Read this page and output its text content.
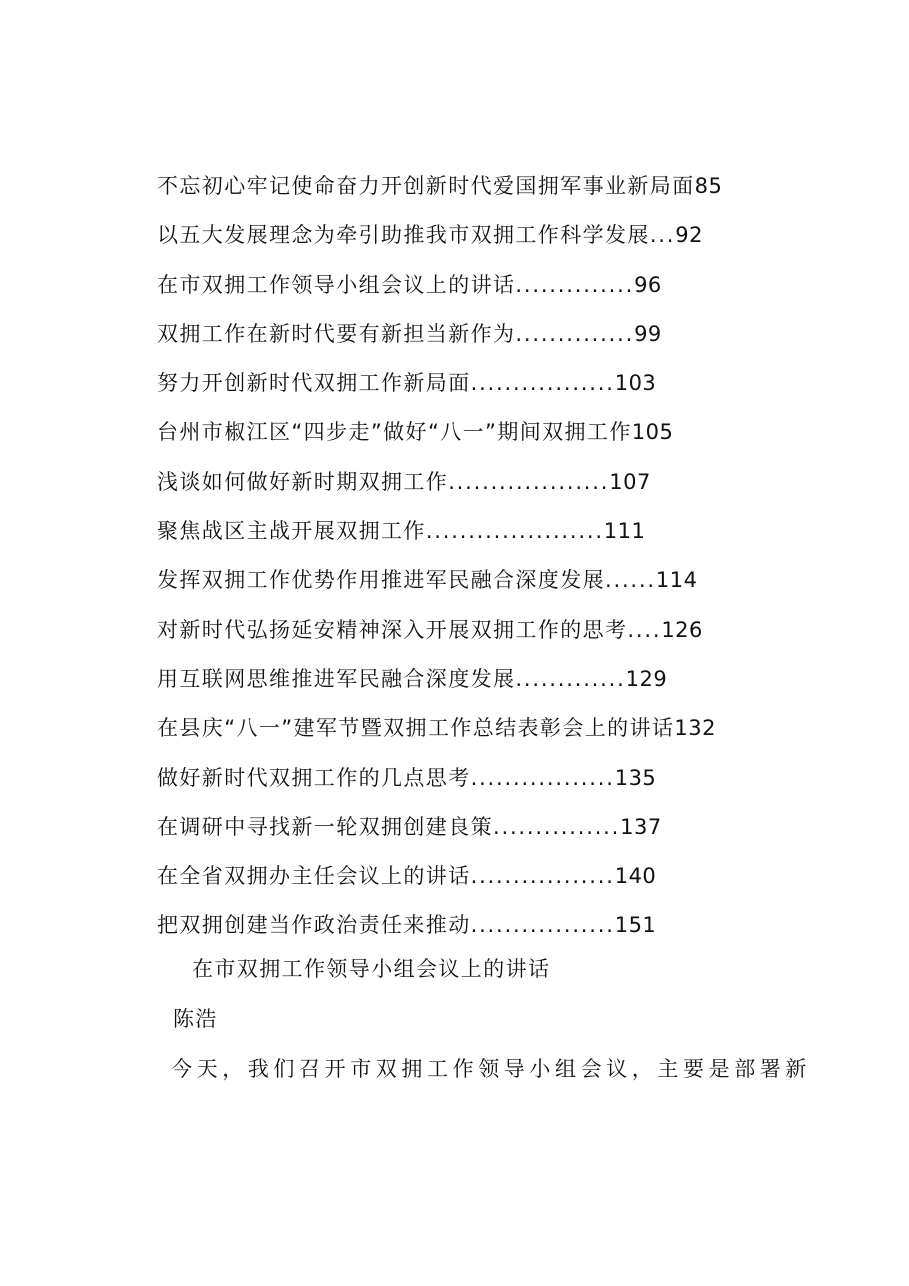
不忘初心牢记使命奋力开创新时代爱国拥军事业新局面85
以五大发展理念为牵引助推我市双拥工作科学发展...92
在市双拥工作领导小组会议上的讲话..............96
双拥工作在新时代要有新担当新作为..............99
努力开创新时代双拥工作新局面.................103
台州市椒江区“四步走”做好“八一”期间双拥工作105
浅谈如何做好新时期双拥工作...................107
聚焦战区主战开展双拥工作.....................111
发挥双拥工作优势作用推进军民融合深度发展......114
对新时代弘扬延安精神深入开展双拥工作的思考....126
用互联网思维推进军民融合深度发展.............129
在县庆“八一”建军节暨双拥工作总结表彰会上的讲话132
做好新时代双拥工作的几点思考.................135
在调研中寻找新一轮双拥创建良策...............137
在全省双拥办主任会议上的讲话.................140
把双拥创建当作政治责任来推动.................151
在市双拥工作领导小组会议上的讲话
陈浩
今天，我们召开市双拥工作领导小组会议，主要是部署新
